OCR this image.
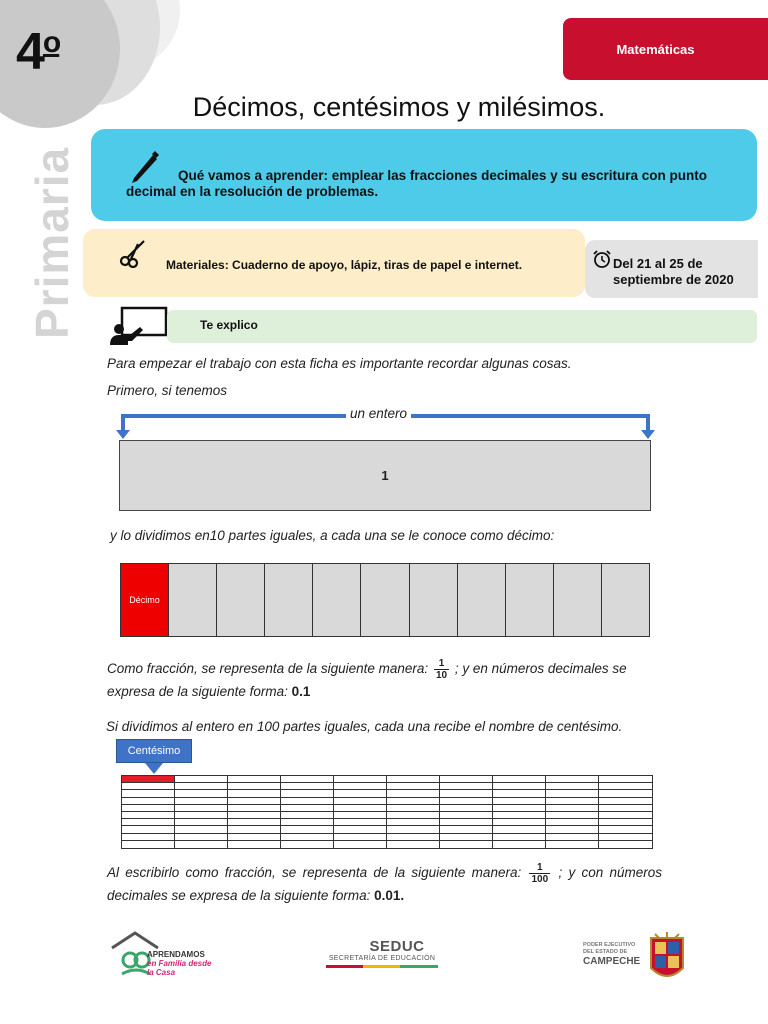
4$^o$
Primaria
Matemáticas
Décimos, centésimos y milésimos.
Qué vamos a aprender: emplear las fracciones decimales y su escritura con punto decimal en la resolución de problemas.
Materiales: Cuaderno de apoyo, lápiz, tiras de papel e internet.	Del 21 al 25 de
septiembre de 2020
Te explico
Para empezar el trabajo con esta ficha es importante recordar algunas cosas.
Primero, si tenemos
un entero
1
y lo dividimos en10 partes iguales, a cada una se le conoce como décimo:
Décimo
Como fracción, se representa de la siguiente manera: $\frac{1}{10}$ ; y en números decimales se expresa de la siguiente forma: 0.1
Si dividimos al entero en 100 partes iguales, cada una recibe el nombre de centésimo.
Centésimo
Al escribirlo como fracción, se representa de la siguiente manera: $\frac{1}{100}$ ; y con números decimales se expresa de la siguiente forma: 0.01.
APRENDAMOS
en Familia desde
la Casa
SEDUC
SECRETARÍA DE EDUCACIÓN
PODER EJECUTIVO
DEL ESTADO DE
CAMPECHE
